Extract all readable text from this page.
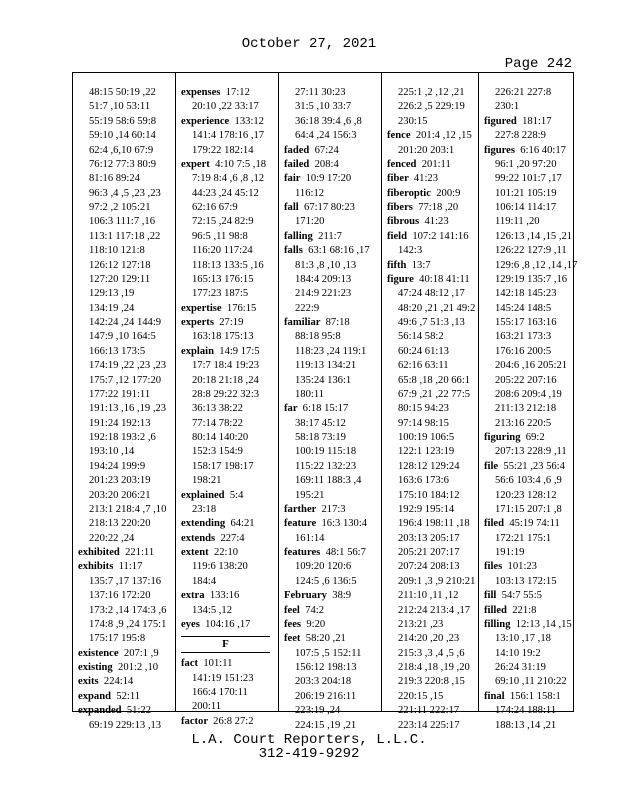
October 27, 2021
Page 242
48:15 50:19 ,22
51:7 ,10 53:11
55:19 58:6 59:8
59:10 ,14 60:14
62:4 ,6,10 67:9
76:12 77:3 80:9
81:16 89:24
96:3 ,4 ,5 ,23 ,23
97:2 ,2 105:21
106:3 111:7 ,16
113:1 117:18 ,22
118:10 121:8
126:12 127:18
127:20 129:11
129:13 ,19
134:19 ,24
142:24 ,24 144:9
147:9 ,10 164:5
166:13 173:5
174:19 ,22 ,23 ,23
175:7 ,12 177:20
177:22 191:11
191:13 ,16 ,19 ,23
191:24 192:13
192:18 193:2 ,6
193:10 ,14
194:24 199:9
201:23 203:19
203:20 206:21
213:1 218:4 ,7 ,10
218:13 220:20
220:22 ,24
exhibited 221:11
exhibits 11:17
135:7 ,17 137:16
137:16 172:20
173:2 ,14 174:3 ,6
174:8 ,9 ,24 175:1
175:17 195:8
existence 207:1 ,9
existing 201:2 ,10
exits 224:14
expand 52:11
expanded 51:22
69:19 229:13 ,13
expenses 17:12
20:10 ,22 33:17
experience 133:12
141:4 178:16 ,17
179:22 182:14
expert 4:10 7:5 ,18
7:19 8:4 ,6 ,8 ,12
44:23 ,24 45:12
62:16 67:9
72:15 ,24 82:9
96:5 ,11 98:8
116:20 117:24
118:13 133:5 ,16
165:13 176:15
177:23 187:5
expertise 176:15
experts 27:19
163:18 175:13
explain 14:9 17:5
17:7 18:4 19:23
20:18 21:18 ,24
28:8 29:22 32:3
36:13 38:22
77:14 78:22
80:14 140:20
152:3 154:9
158:17 198:17
198:21
explained 5:4
23:18
extending 64:21
extends 227:4
extent 22:10
119:6 138:20
184:4
extra 133:16
134:5 ,12
eyes 104:16 ,17
F
fact 101:11
141:19 151:23
166:4 170:11
200:11
factor 26:8 27:2
27:11 30:23
31:5 ,10 33:7
36:18 39:4 ,6 ,8
64:4 ,24 156:3
faded 67:24
failed 208:4
fair 10:9 17:20
116:12
fall 67:17 80:23
171:20
falling 211:7
falls 63:1 68:16 ,17
81:3 ,8 ,10 ,13
184:4 209:13
214:9 221:23
222:9
familiar 87:18
88:18 95:8
118:23 ,24 119:1
119:13 134:21
135:24 136:1
180:11
far 6:18 15:17
38:17 45:12
58:18 73:19
100:19 115:18
115:22 132:23
169:11 188:3 ,4
195:21
farther 217:3
feature 16:3 130:4
161:14
features 48:1 56:7
109:20 120:6
124:5 ,6 136:5
February 38:9
feel 74:2
fees 9:20
feet 58:20 ,21
107:5 ,5 152:11
156:12 198:13
203:3 204:18
206:19 216:11
223:19 ,24
224:15 ,19 ,21
225:1 ,2 ,12 ,21
226:2 ,5 229:19
230:15
fence 201:4 ,12 ,15
201:20 203:1
fenced 201:11
fiber 41:23
fiberoptic 200:9
fibers 77:18 ,20
fibrous 41:23
field 107:2 141:16
142:3
fifth 13:7
figure 40:18 41:11
47:24 48:12 ,17
48:20 ,21 ,21 49:2
49:6 ,7 51:3 ,13
56:14 58:2
60:24 61:13
62:16 63:11
65:8 ,18 ,20 66:1
67:9 ,21 ,22 77:5
80:15 94:23
97:14 98:15
100:19 106:5
122:1 123:19
128:12 129:24
163:6 173:6
175:10 184:12
192:9 195:14
196:4 198:11 ,18
203:13 205:17
205:21 207:17
207:24 208:13
209:1 ,3 ,9 210:21
211:10 ,11 ,12
212:24 213:4 ,17
213:21 ,23
214:20 ,20 ,23
215:3 ,3 ,4 ,5 ,6
218:4 ,18 ,19 ,20
219:3 220:8 ,15
220:15 ,15
221:11 222:17
223:14 225:17
226:21 227:8
230:1
figured 181:17
227:8 228:9
figures 6:16 40:17
96:1 ,20 97:20
99:22 101:7 ,17
101:21 105:19
106:14 114:17
119:11 ,20
126:13 ,14 ,15 ,21
126:22 127:9 ,11
129:6 ,8 ,12 ,14 ,17
129:19 135:7 ,16
142:18 145:23
145:24 148:5
155:17 163:16
163:21 173:3
176:16 200:5
204:6 ,16 205:21
205:22 207:16
208:6 209:4 ,19
211:13 212:18
213:16 220:5
figuring 69:2
207:13 228:9 ,11
file 55:21 ,23 56:4
56:6 103:4 ,6 ,9
120:23 128:12
171:15 207:1 ,8
filed 45:19 74:11
172:21 175:1
191:19
files 101:23
103:13 172:15
fill 54:7 55:5
filled 221:8
filling 12:13 ,14 ,15
13:10 ,17 ,18
14:10 19:2
26:24 31:19
69:10 ,11 210:22
final 156:1 158:1
174:24 188:11
188:13 ,14 ,21
L.A. Court Reporters, L.L.C.
312-419-9292
